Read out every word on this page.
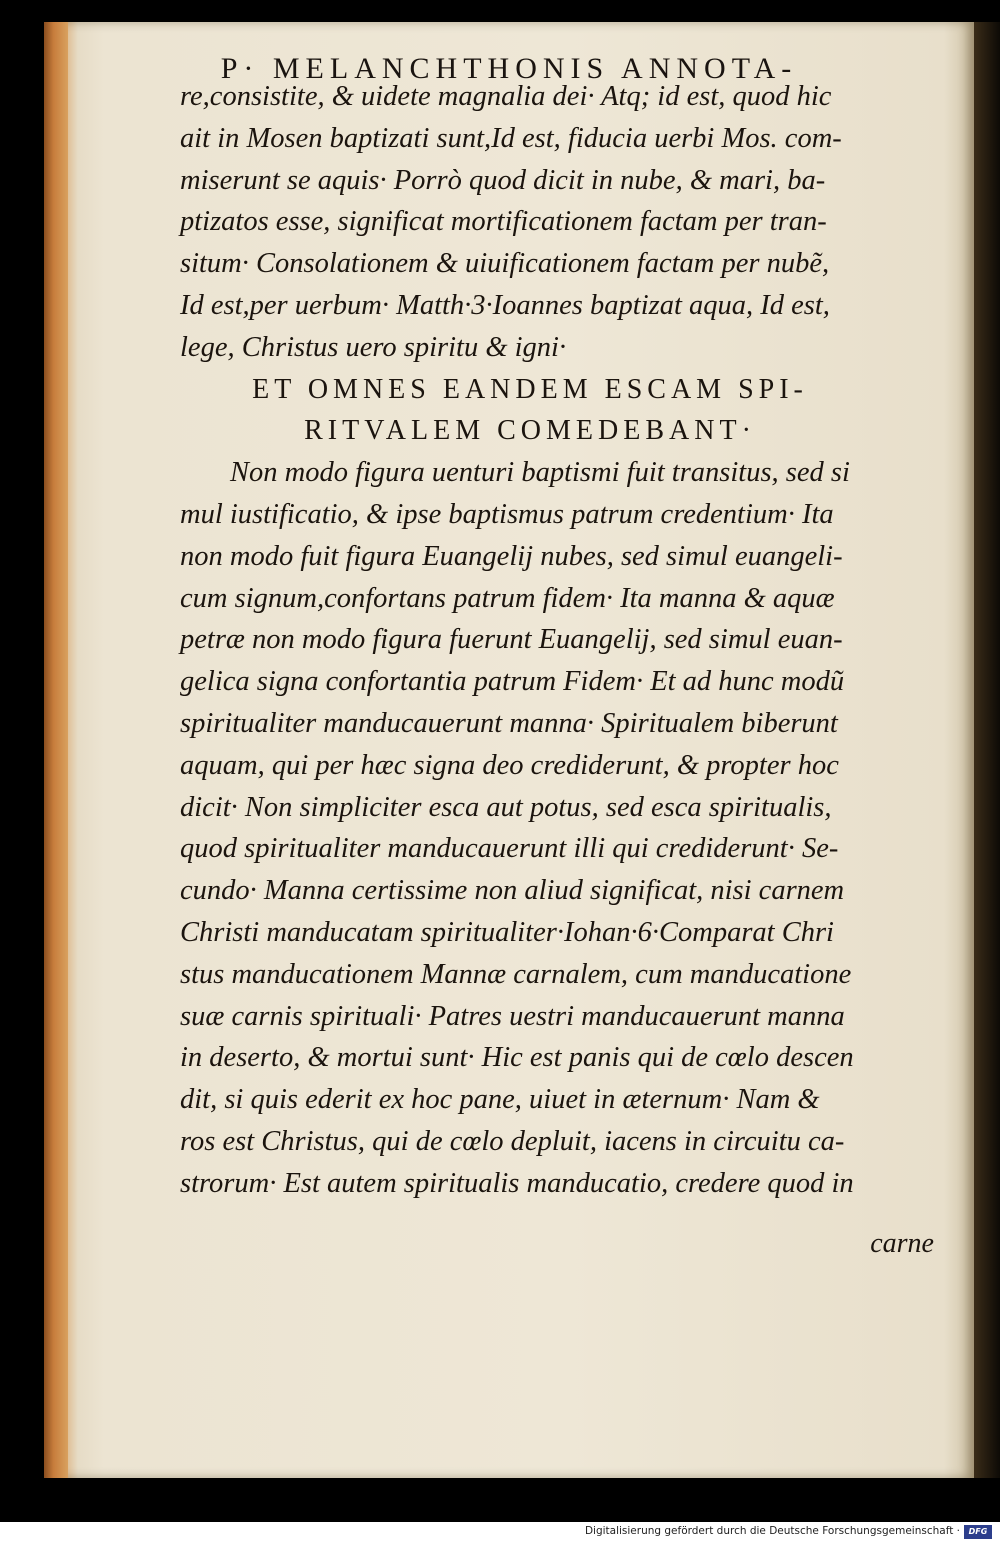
P· MELANCHTHONIS ANNOTA-
re,consistite, & uidete magnalia dei· Atq; id est, quod hic
ait in Mosen baptizati sunt,Id est, fiducia uerbi Mos. com-
miserunt se aquis· Porrò quod dicit in nube, & mari, ba-
ptizatos esse, significat mortificationem factam per tran-
situm· Consolationem & uiuificationem factam per nubẽ,
Id est,per uerbum· Matth·3·Ioannes baptizat aqua, Id est,
lege, Christus uero spiritu & igni·
ET OMNES EANDEM ESCAM SPI-
RITVALEM COMEDEBANT·
Non modo figura uenturi baptismi fuit transitus, sed si
mul iustificatio, & ipse baptismus patrum credentium· Ita
non modo fuit figura Euangelij nubes, sed simul euangeli-
cum signum,confortans patrum fidem· Ita manna & aquæ
petræ non modo figura fuerunt Euangelij, sed simul euan-
gelica signa confortantia patrum Fidem· Et ad hunc modũ
spiritualiter manducauerunt manna· Spiritualem biberunt
aquam, qui per hæc signa deo crediderunt, & propter hoc
dicit· Non simpliciter esca aut potus, sed esca spiritualis,
quod spiritualiter manducauerunt illi qui crediderunt· Se-
cundo· Manna certissime non aliud significat, nisi carnem
Christi manducatam spiritualiter·Iohan·6·Comparat Chri
stus manducationem Mannæ carnalem, cum manducatione
suæ carnis spirituali· Patres uestri manducauerunt manna
in deserto, & mortui sunt· Hic est panis qui de cœlo descen
dit, si quis ederit ex hoc pane, uiuet in æternum· Nam &
ros est Christus, qui de cœlo depluit, iacens in circuitu ca-
strorum· Est autem spiritualis manducatio, credere quod in
carne
Digitalisierung gefördert durch die Deutsche Forschungsgemeinschaft ·	DFG
